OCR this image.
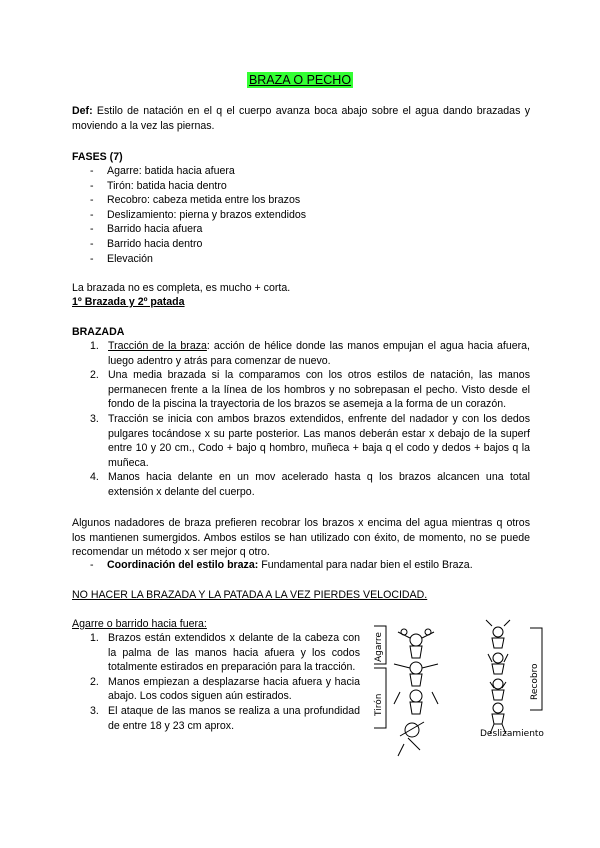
BRAZA O PECHO
Def: Estilo de natación en el q el cuerpo avanza boca abajo sobre el agua dando brazadas y moviendo a la vez las piernas.
FASES (7)
- Agarre: batida hacia afuera
- Tirón: batida hacia dentro
- Recobro: cabeza metida entre los brazos
- Deslizamiento: pierna y brazos extendidos
- Barrido hacia afuera
- Barrido hacia dentro
- Elevación
La brazada no es completa, es mucho + corta.
1º Brazada y 2º patada
BRAZADA
1. Tracción de la braza: acción de hélice donde las manos empujan el agua hacia afuera, luego adentro y atrás para comenzar de nuevo.
2. Una media brazada si la comparamos con los otros estilos de natación, las manos permanecen frente a la línea de los hombros y no sobrepasan el pecho. Visto desde el fondo de la piscina la trayectoria de los brazos se asemeja a la forma de un corazón.
3. Tracción se inicia con ambos brazos extendidos, enfrente del nadador y con los dedos pulgares tocándose x su parte posterior. Las manos deberán estar x debajo de la superf entre 10 y 20 cm., Codo + bajo q hombro, muñeca + baja q el codo y dedos + bajos q la muñeca.
4. Manos hacia delante en un mov acelerado hasta q los brazos alcancen una total extensión x delante del cuerpo.
Algunos nadadores de braza prefieren recobrar los brazos x encima del agua mientras q otros los mantienen sumergidos. Ambos estilos se han utilizado con éxito, de momento, no se puede recomendar un método x ser mejor q otro.
- Coordinación del estilo braza: Fundamental para nadar bien el estilo Braza.
NO HACER LA BRAZADA Y LA PATADA A LA VEZ PIERDES VELOCIDAD.
Agarre o barrido hacia fuera:
1. Brazos están extendidos x delante de la cabeza con la palma de las manos hacia afuera y los codos totalmente estirados en preparación para la tracción.
2. Manos empiezan a desplazarse hacia afuera y hacia abajo. Los codos siguen aún estirados.
3. El ataque de las manos se realiza a una profundidad de entre 18 y 23 cm aprox.
Agarre
Tirón
Recobro
Deslizamiento
